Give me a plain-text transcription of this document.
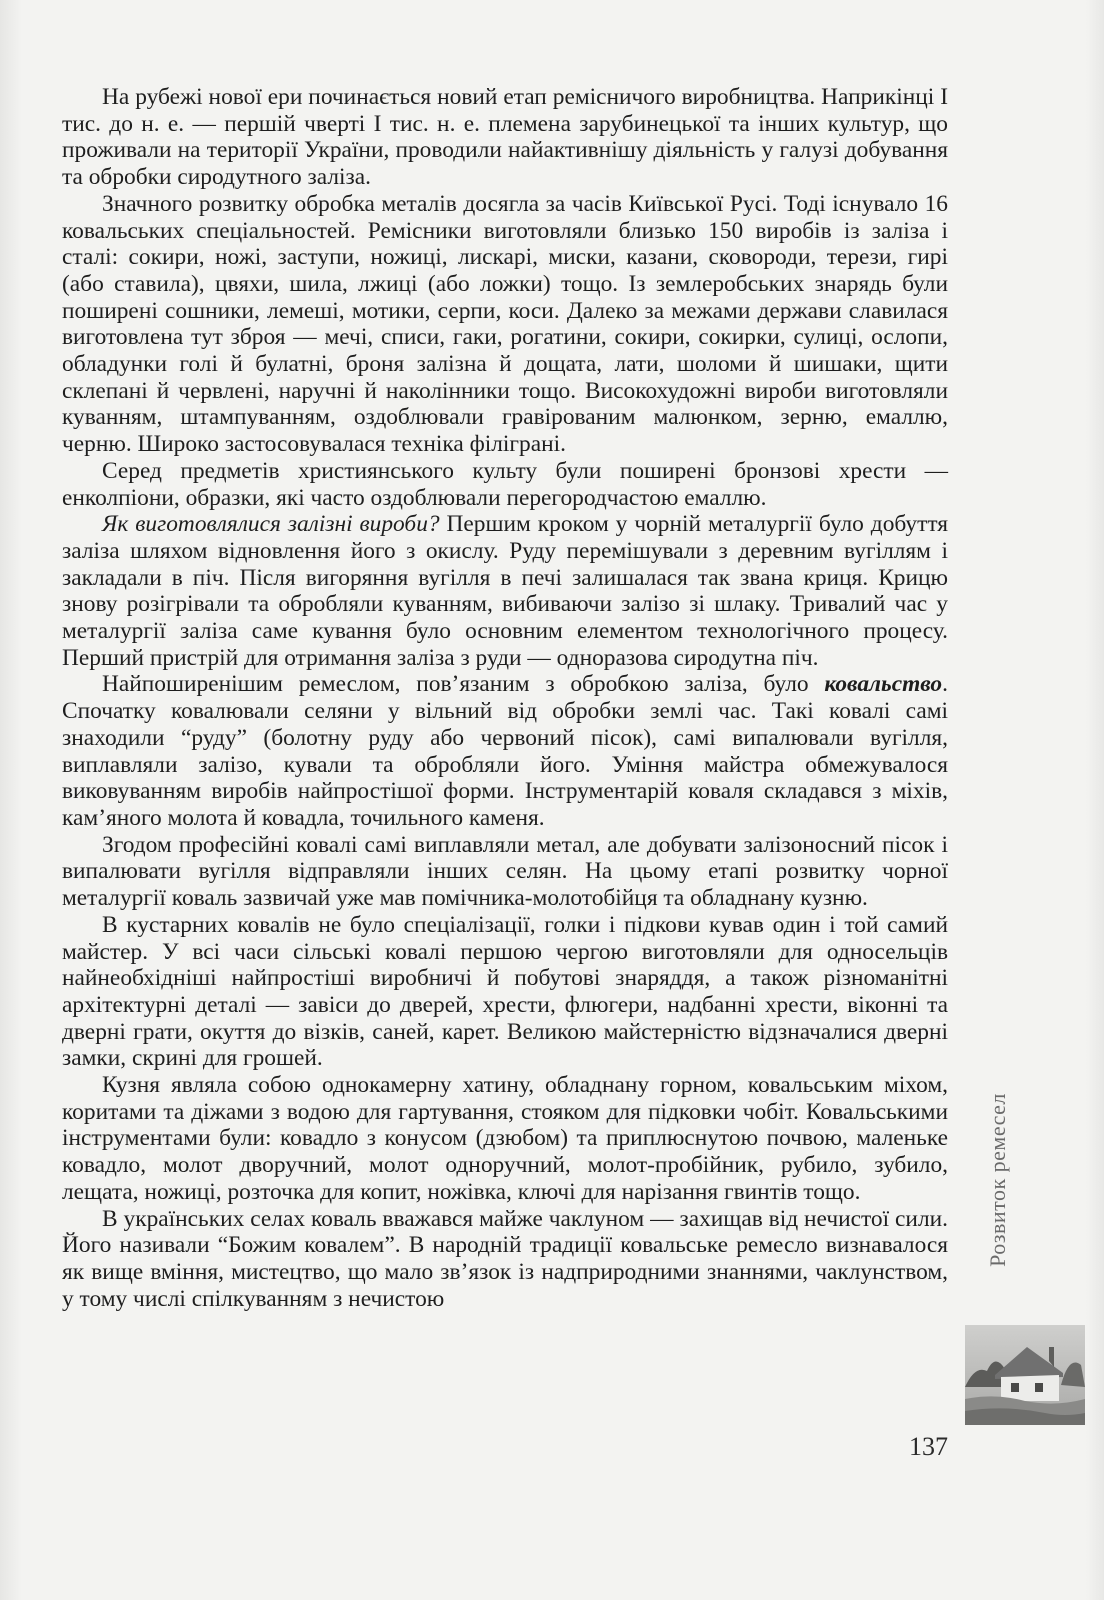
На рубежі нової ери починається новий етап ремісничого виробництва. Наприкінці І тис. до н. е. — першій чверті І тис. н. е. племена зарубинецької та інших культур, що проживали на території України, проводили найактивнішу діяльність у галузі добування та обробки сиродутного заліза.

Значного розвитку обробка металів досягла за часів Київської Русі. Тоді існувало 16 ковальських спеціальностей. Ремісники виготовляли близько 150 виробів із заліза і сталі: сокири, ножі, заступи, ножиці, лискарі, миски, казани, сковороди, терези, гирі (або ставила), цвяхи, шила, лжиці (або ложки) тощо. Із землеробських знарядь були поширені сошники, лемеші, мотики, серпи, коси. Далеко за межами держави славилася виготовлена тут зброя — мечі, списи, гаки, рогатини, сокири, сокирки, сулиці, ослопи, обладунки голі й булатні, броня залізна й дощата, лати, шоломи й шишаки, щити склепані й червлені, наручні й наколінники тощо. Високохудожні вироби виготовляли куванням, штампуванням, оздоблювали гравірованим малюнком, зерню, емаллю, черню. Широко застосовувалася техніка філіграні.

Серед предметів християнського культу були поширені бронзові хрести — енколпіони, образки, які часто оздоблювали перегородчастою емаллю.

Як виготовлялися залізні вироби? Першим кроком у чорній металургії було добуття заліза шляхом відновлення його з окислу. Руду перемішували з деревним вугіллям і закладали в піч. Після вигоряння вугілля в печі залишалася так звана криця. Крицю знову розігрівали та обробляли куванням, вибиваючи залізо зі шлаку. Тривалий час у металургії заліза саме кування було основним елементом технологічного процесу. Перший пристрій для отримання заліза з руди — одноразова сиродутна піч.

Найпоширенішим ремеслом, пов’язаним з обробкою заліза, було ковальство. Спочатку ковалювали селяни у вільний від обробки землі час. Такі ковалі самі знаходили “руду” (болотну руду або червоний пісок), самі випалювали вугілля, виплавляли залізо, кували та обробляли його. Уміння майстра обмежувалося виковуванням виробів найпростішої форми. Інструментарій коваля складався з міхів, кам’яного молота й ковадла, точильного каменя.

Згодом професійні ковалі самі виплавляли метал, але добувати залізоносний пісок і випалювати вугілля відправляли інших селян. На цьому етапі розвитку чорної металургії коваль зазвичай уже мав помічника-молотобійця та обладнану кузню.

В кустарних ковалів не було спеціалізації, голки і підкови кував один і той самий майстер. У всі часи сільські ковалі першою чергою виготовляли для односельців найнеобхідніші найпростіші виробничі й побутові знаряддя, а також різноманітні архітектурні деталі — завіси до дверей, хрести, флюгери, надбанні хрести, віконні та дверні грати, окуття до візків, саней, карет. Великою майстерністю відзначалися дверні замки, скрині для грошей.

Кузня являла собою однокамерну хатину, обладнану горном, ковальським міхом, коритами та діжами з водою для гартування, стояком для підковки чобіт. Ковальськими інструментами були: ковадло з конусом (дзюбом) та приплюснутою почвою, маленьке ковадло, молот дворучний, молот одноручний, молот-пробійник, рубило, зубило, лещата, ножиці, розточка для копит, ножівка, ключі для нарізання гвинтів тощо.

В українських селах коваль вважався майже чаклуном — захищав від нечистої сили. Його називали “Божим ковалем”. В народній традиції ковальське ремесло визнавалося як вище вміння, мистецтво, що мало зв’язок із надприродними знаннями, чаклунством, у тому числі спілкуванням з нечистою

Розвиток ремесел
137
